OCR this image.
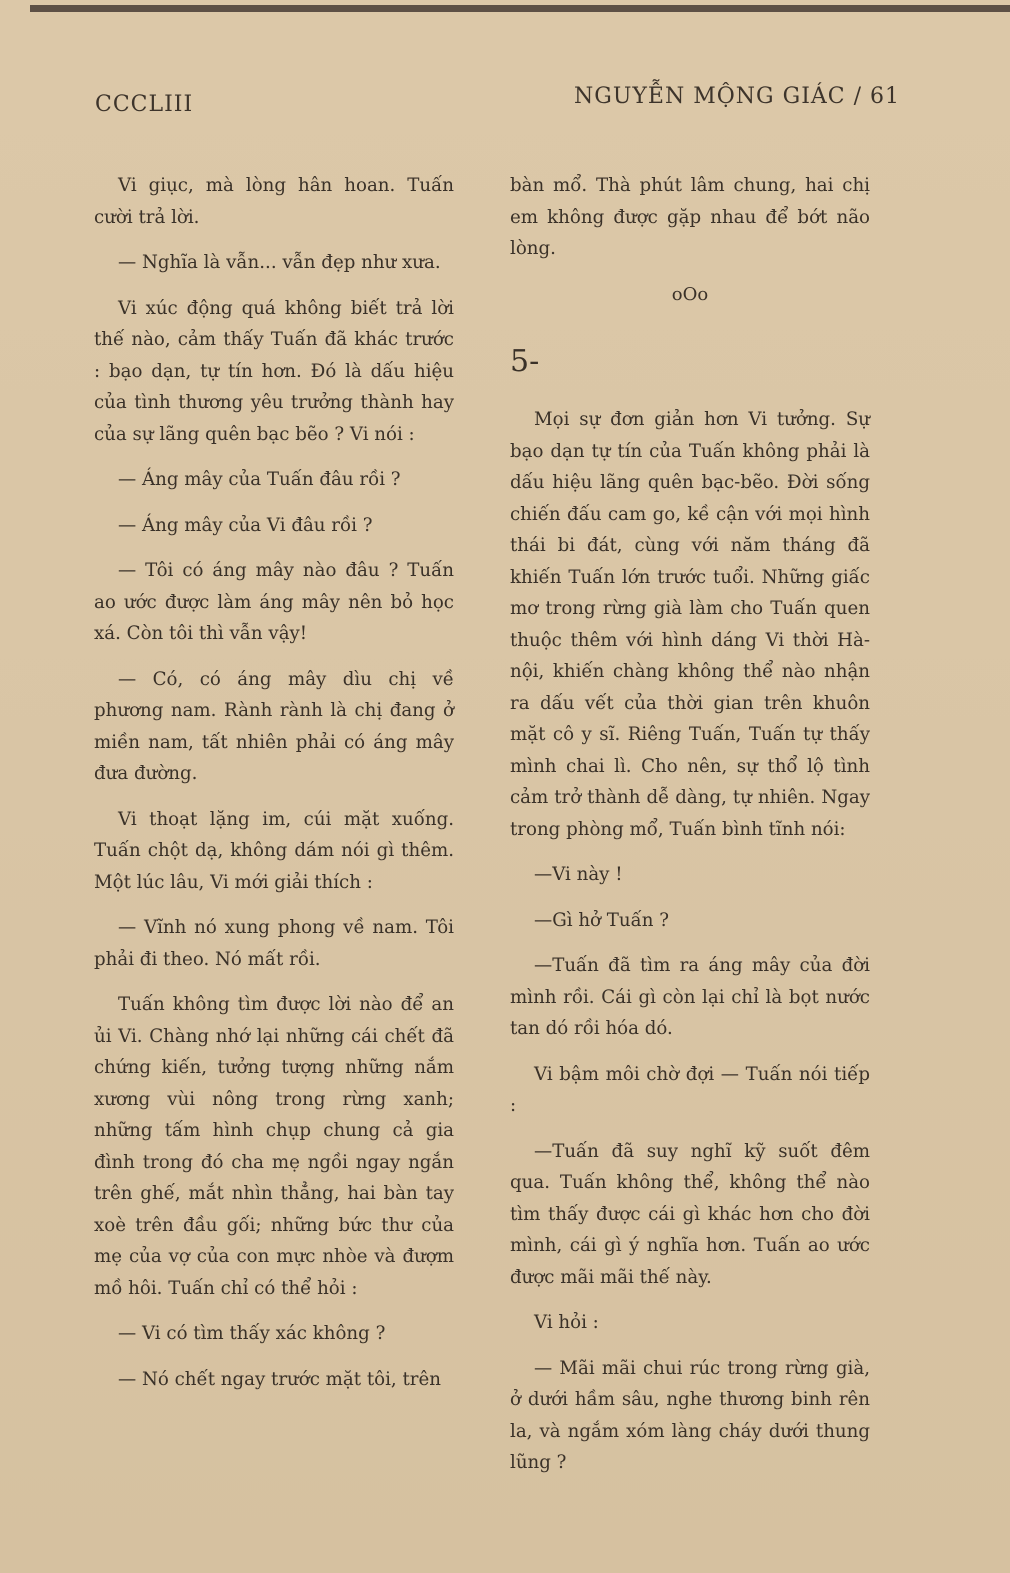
CCCLIII	NGUYỄN MỘNG GIÁC / 61

Vi giục, mà lòng hân hoan. Tuấn cười trả lời.

— Nghĩa là vẫn... vẫn đẹp như xưa.

Vi xúc động quá không biết trả lời thế nào, cảm thấy Tuấn đã khác trước : bạo dạn, tự tín hơn. Đó là dấu hiệu của tình thương yêu trưởng thành hay của sự lãng quên bạc bẽo ? Vi nói :

— Áng mây của Tuấn đâu rồi ?

— Áng mây của Vi đâu rồi ?

— Tôi có áng mây nào đâu ? Tuấn ao ước được làm áng mây nên bỏ học xá. Còn tôi thì vẫn vậy!

— Có, có áng mây dìu chị về phương nam. Rành rành là chị đang ở miền nam, tất nhiên phải có áng mây đưa đường.

Vi thoạt lặng im, cúi mặt xuống. Tuấn chột dạ, không dám nói gì thêm. Một lúc lâu, Vi mới giải thích :

— Vĩnh nó xung phong về nam. Tôi phải đi theo. Nó mất rồi.

Tuấn không tìm được lời nào để an ủi Vi. Chàng nhớ lại những cái chết đã chứng kiến, tưởng tượng những nắm xương vùi nông trong rừng xanh; những tấm hình chụp chung cả gia đình trong đó cha mẹ ngồi ngay ngắn trên ghế, mắt nhìn thẳng, hai bàn tay xoè trên đầu gối; những bức thư của mẹ của vợ của con mực nhòe và đượm mồ hôi. Tuấn chỉ có thể hỏi :

— Vi có tìm thấy xác không ?

— Nó chết ngay trước mặt tôi, trên

bàn mổ. Thà phút lâm chung, hai chị em không được gặp nhau để bớt não lòng.

oOo
5-

Mọi sự đơn giản hơn Vi tưởng. Sự bạo dạn tự tín của Tuấn không phải là dấu hiệu lãng quên bạc-bẽo. Đời sống chiến đấu cam go, kề cận với mọi hình thái bi đát, cùng với năm tháng đã khiến Tuấn lớn trước tuổi. Những giấc mơ trong rừng già làm cho Tuấn quen thuộc thêm với hình dáng Vi thời Hà-nội, khiến chàng không thể nào nhận ra dấu vết của thời gian trên khuôn mặt cô y sĩ. Riêng Tuấn, Tuấn tự thấy mình chai lì. Cho nên, sự thổ lộ tình cảm trở thành dễ dàng, tự nhiên. Ngay trong phòng mổ, Tuấn bình tĩnh nói:

—Vi này !

—Gì hở Tuấn ?

—Tuấn đã tìm ra áng mây của đời mình rồi. Cái gì còn lại chỉ là bọt nước tan dó rồi hóa dó.

Vi bậm môi chờ đợi — Tuấn nói tiếp :

—Tuấn đã suy nghĩ kỹ suốt đêm qua. Tuấn không thể, không thể nào tìm thấy được cái gì khác hơn cho đời mình, cái gì ý nghĩa hơn. Tuấn ao ước được mãi mãi thế này.

Vi hỏi :

— Mãi mãi chui rúc trong rừng già, ở dưới hầm sâu, nghe thương binh rên la, và ngắm xóm làng cháy dưới thung lũng ?
